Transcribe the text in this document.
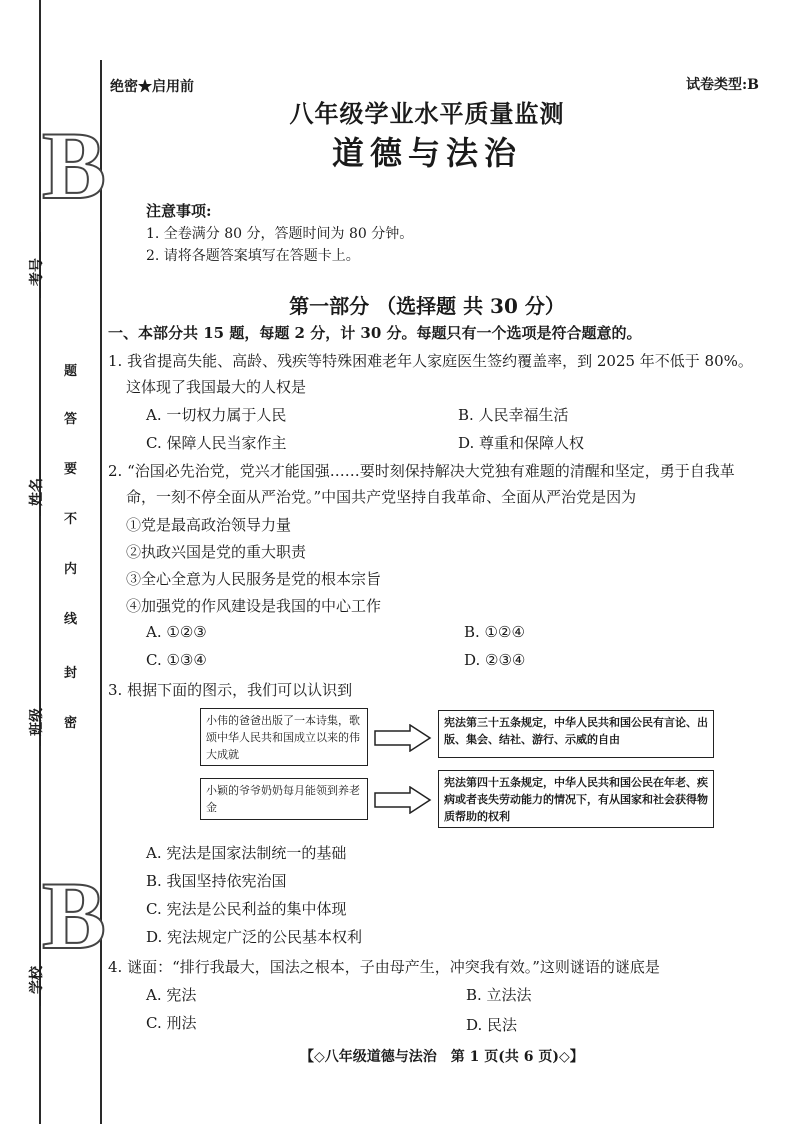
B
B
考号
姓名
班级
学校
题
答
要
不
内
线
封
密
绝密★启用前	试卷类型:B
八年级学业水平质量监测
道德与法治
注意事项:
1. 全卷满分 80 分，答题时间为 80 分钟。
2. 请将各题答案填写在答题卡上。
第一部分 （选择题 共 30 分）
一、本部分共 15 题，每题 2 分，计 30 分。每题只有一个选项是符合题意的。
1. 我省提高失能、高龄、残疾等特殊困难老年人家庭医生签约覆盖率，到 2025 年不低于 80%。
这体现了我国最大的人权是
A. 一切权力属于人民	B. 人民幸福生活
C. 保障人民当家作主	D. 尊重和保障人权
2. “治国必先治党，党兴才能国强……要时刻保持解决大党独有难题的清醒和坚定，勇于自我革
命，一刻不停全面从严治党。”中国共产党坚持自我革命、全面从严治党是因为
①党是最高政治领导力量
②执政兴国是党的重大职责
③全心全意为人民服务是党的根本宗旨
④加强党的作风建设是我国的中心工作
A. ①②③	B. ①②④
C. ①③④	D. ②③④
3. 根据下面的图示，我们可以认识到
小伟的爸爸出版了一本诗集，歌颂中华人民共和国成立以来的伟大成就
宪法第三十五条规定，中华人民共和国公民有言论、出版、集会、结社、游行、示威的自由
小颖的爷爷奶奶每月能领到养老金
宪法第四十五条规定，中华人民共和国公民在年老、疾病或者丧失劳动能力的情况下，有从国家和社会获得物质帮助的权利
A. 宪法是国家法制统一的基础
B. 我国坚持依宪治国
C. 宪法是公民利益的集中体现
D. 宪法规定广泛的公民基本权利
4. 谜面：“排行我最大，国法之根本，子由母产生，冲突我有效。”这则谜语的谜底是
A. 宪法	B. 立法法
C. 刑法	D. 民法
【◇八年级道德与法治　第 1 页(共 6 页)◇】
